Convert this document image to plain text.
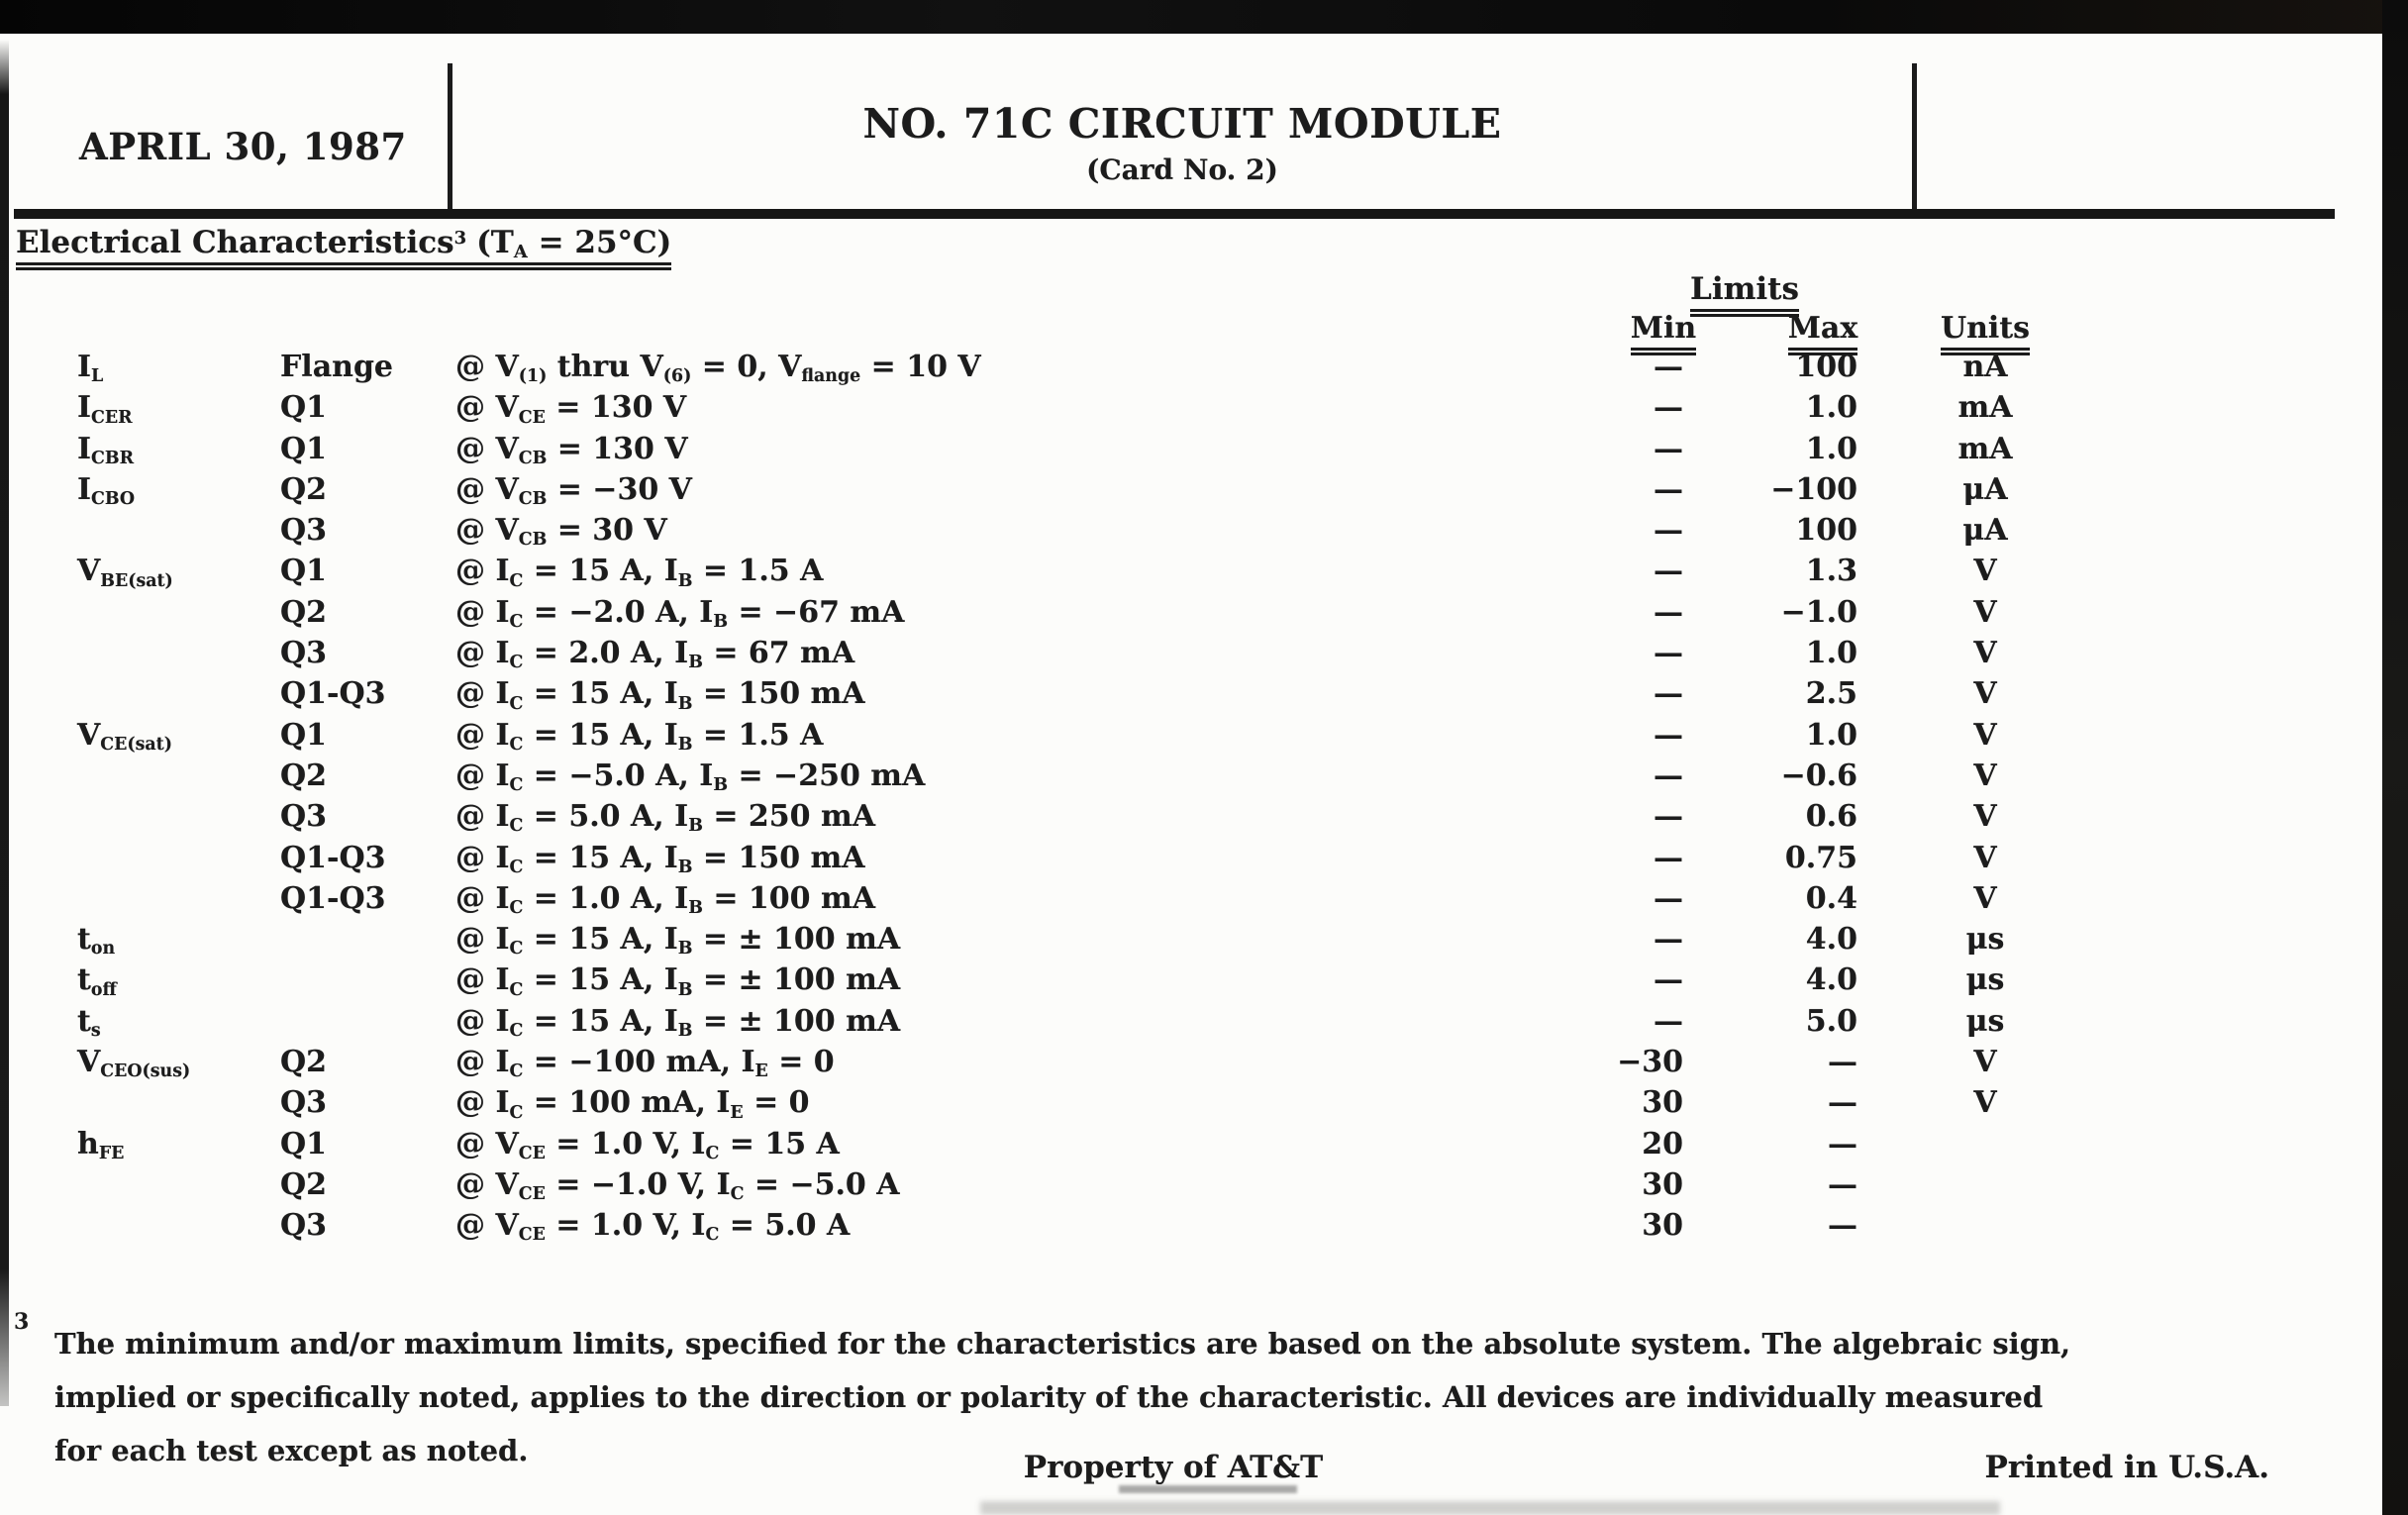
APRIL 30, 1987	NO. 71C CIRCUIT MODULE
(Card No. 2)
Electrical Characteristics$^3$ $(T_A = 25^\circ C)$
Limits
Min	Max	Units
$I_L$	Flange	@ $V_{(1)}$ thru $V_{(6)} = 0$, $V_{flange} = 10$ V	—	100	nA
$I_{CER}$	Q1	@ $V_{CE} = 130$ V	—	1.0	mA
$I_{CBR}$	Q1	@ $V_{CB} = 130$ V	—	1.0	mA
$I_{CBO}$	Q2	@ $V_{CB} = -30$ V	—	−100	μA
Q3	@ $V_{CB} = 30$ V	—	100	μA
$V_{BE(sat)}$	Q1	@ $I_C = 15$ A, $I_B = 1.5$ A	—	1.3	V
Q2	@ $I_C = -2.0$ A, $I_B = -67$ mA	—	−1.0	V
Q3	@ $I_C = 2.0$ A, $I_B = 67$ mA	—	1.0	V
Q1-Q3	@ $I_C = 15$ A, $I_B = 150$ mA	—	2.5	V
$V_{CE(sat)}$	Q1	@ $I_C = 15$ A, $I_B = 1.5$ A	—	1.0	V
Q2	@ $I_C = -5.0$ A, $I_B = -250$ mA	—	−0.6	V
Q3	@ $I_C = 5.0$ A, $I_B = 250$ mA	—	0.6	V
Q1-Q3	@ $I_C = 15$ A, $I_B = 150$ mA	—	0.75	V
Q1-Q3	@ $I_C = 1.0$ A, $I_B = 100$ mA	—	0.4	V
$t_{on}$	@ $I_C = 15$ A, $I_B$ = ± 100 mA	—	4.0	μs
$t_{off}$	@ $I_C = 15$ A, $I_B$ = ± 100 mA	—	4.0	μs
$t_s$	@ $I_C = 15$ A, $I_B$ = ± 100 mA	—	5.0	μs
$V_{CEO(sus)}$	Q2	@ $I_C = -100$ mA, $I_E = 0$	−30	—	V
Q3	@ $I_C = 100$ mA, $I_E = 0$	30	—	V
$h_{FE}$	Q1	@ $V_{CE} = 1.0$ V, $I_C = 15$ A	20	—
Q2	@ $V_{CE} = -1.0$ V, $I_C = -5.0$ A	30	—
Q3	@ $V_{CE} = 1.0$ V, $I_C = 5.0$ A	30	—
3
The minimum and/or maximum limits, specified for the characteristics are based on the absolute system. The algebraic sign, implied or specifically noted, applies to the direction or polarity of the characteristic. All devices are individually measured for each test except as noted.	Property of AT&T	Printed in U.S.A.
